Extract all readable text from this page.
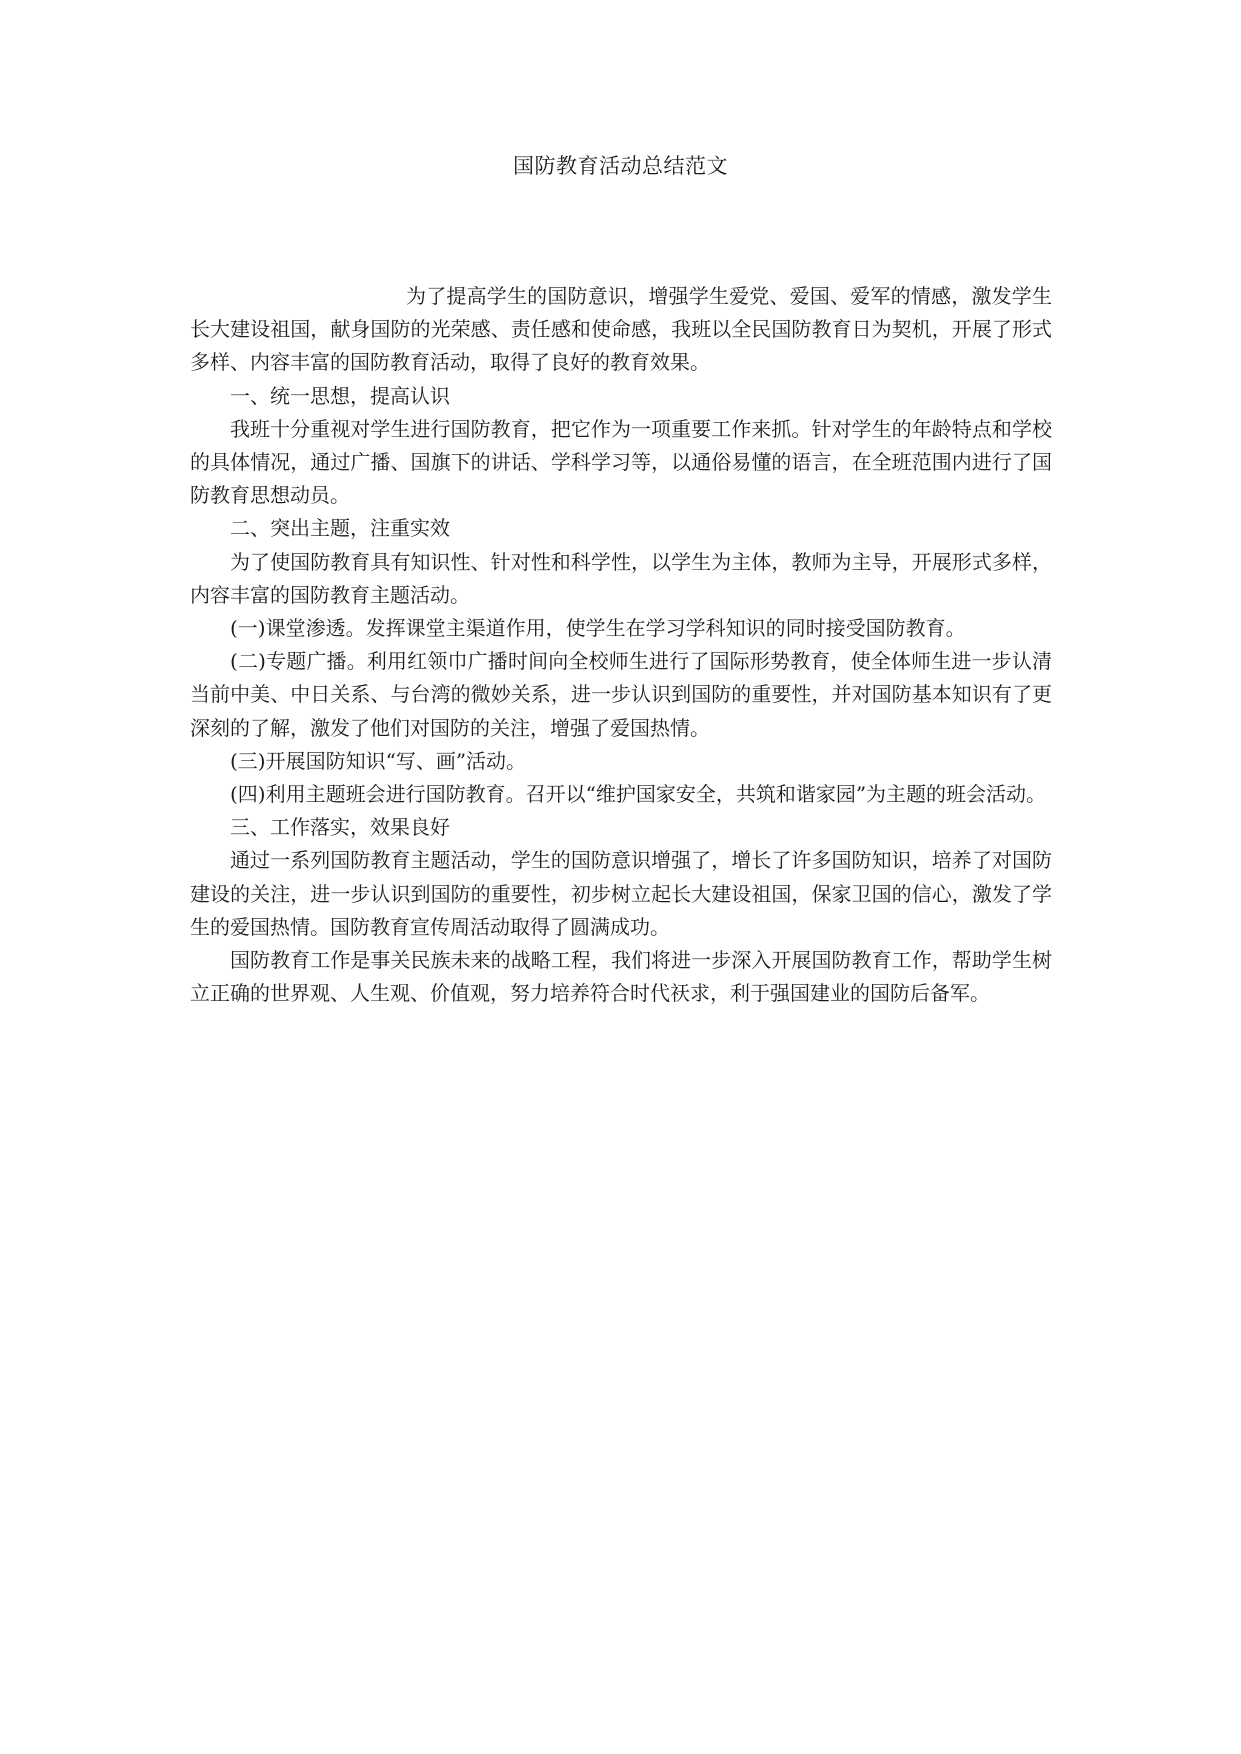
国防教育活动总结范文

为了提高学生的国防意识，增强学生爱党、爱国、爱军的情感，激发学生长大建设祖国，献身国防的光荣感、责任感和使命感，我班以全民国防教育日为契机，开展了形式多样、内容丰富的国防教育活动，取得了良好的教育效果。

一、统一思想，提高认识

我班十分重视对学生进行国防教育，把它作为一项重要工作来抓。针对学生的年龄特点和学校的具体情况，通过广播、国旗下的讲话、学科学习等，以通俗易懂的语言，在全班范围内进行了国防教育思想动员。

二、突出主题，注重实效

为了使国防教育具有知识性、针对性和科学性，以学生为主体，教师为主导，开展形式多样，内容丰富的国防教育主题活动。

(一)课堂渗透。发挥课堂主渠道作用，使学生在学习学科知识的同时接受国防教育。

(二)专题广播。利用红领巾广播时间向全校师生进行了国际形势教育，使全体师生进一步认清当前中美、中日关系、与台湾的微妙关系，进一步认识到国防的重要性，并对国防基本知识有了更深刻的了解，激发了他们对国防的关注，增强了爱国热情。

(三)开展国防知识“写、画”活动。

(四)利用主题班会进行国防教育。召开以“维护国家安全，共筑和谐家园”为主题的班会活动。

三、工作落实，效果良好

通过一系列国防教育主题活动，学生的国防意识增强了，增长了许多国防知识，培养了对国防建设的关注，进一步认识到国防的重要性，初步树立起长大建设祖国，保家卫国的信心，激发了学生的爱国热情。国防教育宣传周活动取得了圆满成功。

国防教育工作是事关民族未来的战略工程，我们将进一步深入开展国防教育工作，帮助学生树立正确的世界观、人生观、价值观，努力培养符合时代祆求，利于强国建业的国防后备军。
